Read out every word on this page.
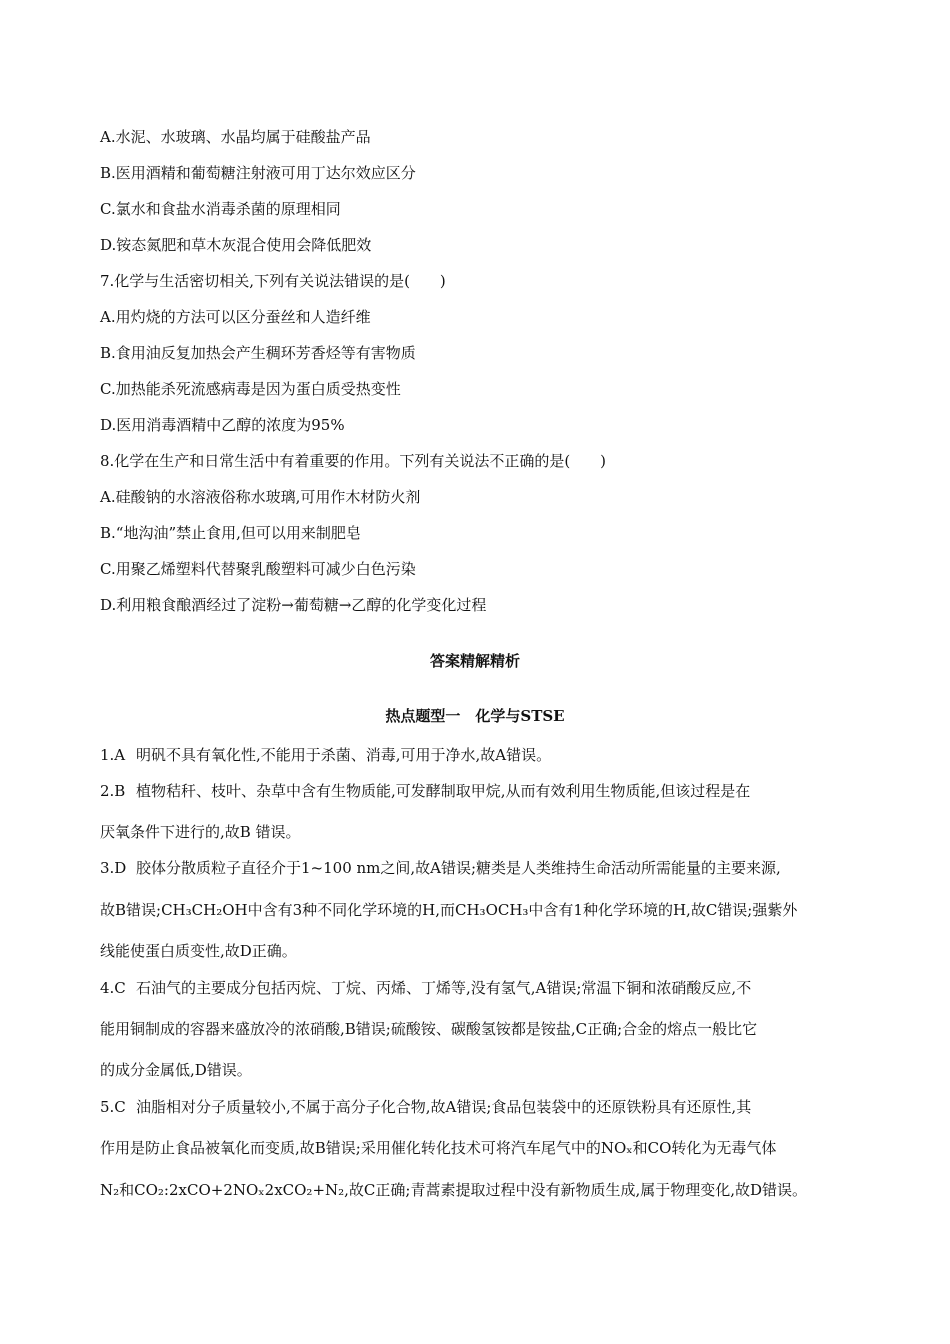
A.水泥、水玻璃、水晶均属于硅酸盐产品
B.医用酒精和葡萄糖注射液可用丁达尔效应区分
C.氯水和食盐水消毒杀菌的原理相同
D.铵态氮肥和草木灰混合使用会降低肥效
7.化学与生活密切相关,下列有关说法错误的是(　　)
A.用灼烧的方法可以区分蚕丝和人造纤维
B.食用油反复加热会产生稠环芳香烃等有害物质
C.加热能杀死流感病毒是因为蛋白质受热变性
D.医用消毒酒精中乙醇的浓度为95%
8.化学在生产和日常生活中有着重要的作用。下列有关说法不正确的是(　　)
A.硅酸钠的水溶液俗称水玻璃,可用作木材防火剂
B.“地沟油”禁止食用,但可以用来制肥皂
C.用聚乙烯塑料代替聚乳酸塑料可减少白色污染
D.利用粮食酿酒经过了淀粉→葡萄糖→乙醇的化学变化过程
答案精解精析
热点题型一　化学与STSE
1.A 明矾不具有氧化性,不能用于杀菌、消毒,可用于净水,故A错误。
2.B 植物秸秆、枝叶、杂草中含有生物质能,可发酵制取甲烷,从而有效利用生物质能,但该过程是在
厌氧条件下进行的,故B 错误。
3.D 胶体分散质粒子直径介于1~100 nm之间,故A错误;糖类是人类维持生命活动所需能量的主要来源,
故B错误;CH₃CH₂OH中含有3种不同化学环境的H,而CH₃OCH₃中含有1种化学环境的H,故C错误;强紫外
线能使蛋白质变性,故D正确。
4.C 石油气的主要成分包括丙烷、丁烷、丙烯、丁烯等,没有氢气,A错误;常温下铜和浓硝酸反应,不
能用铜制成的容器来盛放冷的浓硝酸,B错误;硫酸铵、碳酸氢铵都是铵盐,C正确;合金的熔点一般比它
的成分金属低,D错误。
5.C 油脂相对分子质量较小,不属于高分子化合物,故A错误;食品包装袋中的还原铁粉具有还原性,其
作用是防止食品被氧化而变质,故B错误;采用催化转化技术可将汽车尾气中的NOₓ和CO转化为无毒气体
N₂和CO₂:2xCO+2NOₓ2xCO₂+N₂,故C正确;青蒿素提取过程中没有新物质生成,属于物理变化,故D错误。
